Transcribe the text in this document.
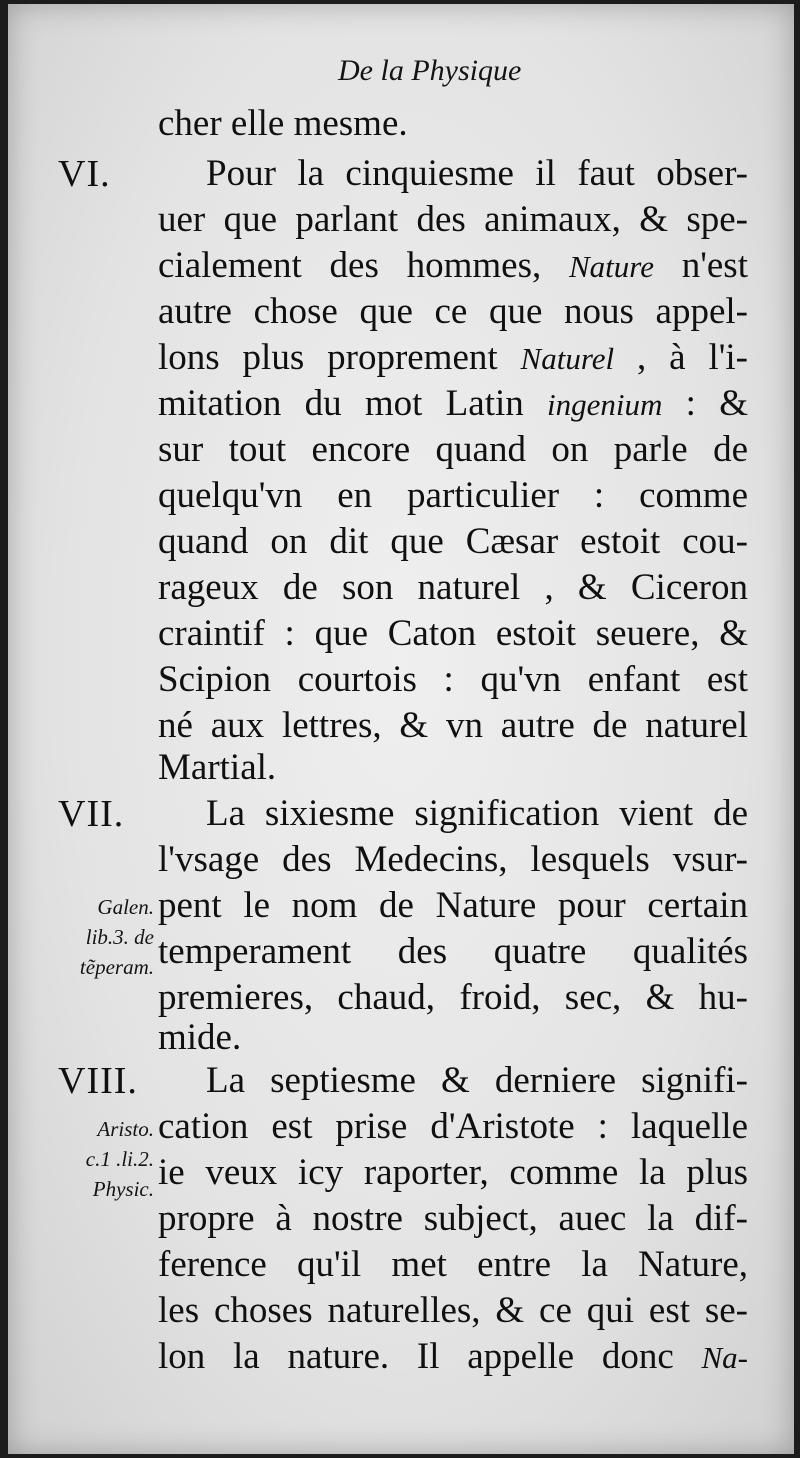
De la Physique
VI.
VII.
VIII.
Galen.
lib.3. de
tẽperam.
Aristo.
c.1 .li.2.
Physic.
cher elle mesme.
Pour la cinquiesme il faut obser-
uer que parlant des animaux, & spe-
cialement des hommes, Nature n'est
autre chose que ce que nous appel-
lons plus proprement Naturel , à l'i-
mitation du mot Latin ingenium : &
sur tout encore quand on parle de
quelqu'vn en particulier : comme
quand on dit que Cæsar estoit cou-
rageux de son naturel , & Ciceron
craintif : que Caton estoit seuere, &
Scipion courtois : qu'vn enfant est
né aux lettres, & vn autre de naturel
Martial.
La sixiesme signification vient de
l'vsage des Medecins, lesquels vsur-
pent le nom de Nature pour certain
temperament des quatre qualités
premieres, chaud, froid, sec, & hu-
mide.
La septiesme & derniere signifi-
cation est prise d'Aristote : laquelle
ie veux icy raporter, comme la plus
propre à nostre subject, auec la dif-
ference qu'il met entre la Nature,
les choses naturelles, & ce qui est se-
lon la nature. Il appelle donc Na-
